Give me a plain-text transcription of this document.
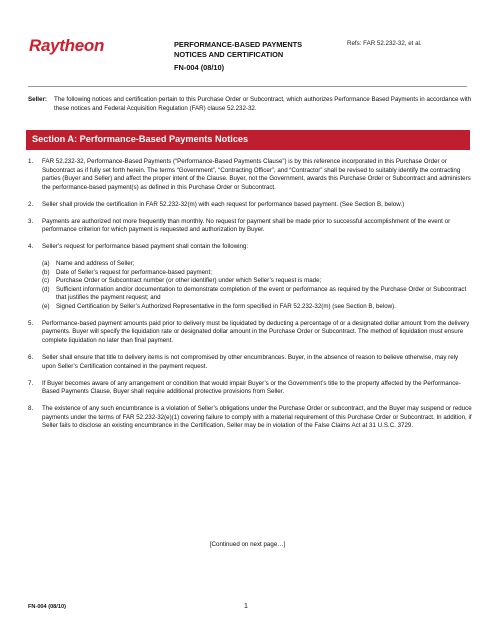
Raytheon	PERFORMANCE-BASED PAYMENTS
NOTICES AND CERTIFICATION
FN-004 (08/10)
Refs: FAR 52.232-32, et al.
Seller: The following notices and certification pertain to this Purchase Order or Subcontract, which authorizes Performance Based Payments in accordance with these notices and Federal Acquisition Regulation (FAR) clause 52.232-32.
Section A: Performance-Based Payments Notices
1. FAR 52.232-32, Performance-Based Payments (“Performance-Based Payments Clause”) is by this reference incorporated in this Purchase Order or Subcontract as if fully set forth herein. The terms “Government”, “Contracting Officer”, and “Contractor” shall be revised to suitably identify the contracting parties (Buyer and Seller) and affect the proper intent of the Clause. Buyer, not the Government, awards this Purchase Order or Subcontract and administers the performance-based payment(s) as defined in this Purchase Order or Subcontract.
2. Seller shall provide the certification in FAR 52.232-32(m) with each request for performance based payment. (See Section B, below.)
3. Payments are authorized not more frequently than monthly. No request for payment shall be made prior to successful accomplishment of the event or performance criterion for which payment is requested and authorization by Buyer.
4. Seller’s request for performance based payment shall contain the following:
(a) Name and address of Seller;
(b) Date of Seller’s request for performance-based payment;
(c) Purchase Order or Subcontract number (or other identifier) under which Seller’s request is made;
(d) Sufficient information and/or documentation to demonstrate completion of the event or performance as required by the Purchase Order or Subcontract that justifies the payment request; and
(e) Signed Certification by Seller’s Authorized Representative in the form specified in FAR 52.232-32(m) (see Section B, below).
5. Performance-based payment amounts paid prior to delivery must be liquidated by deducting a percentage of or a designated dollar amount from the delivery payments. Buyer will specify the liquidation rate or designated dollar amount in the Purchase Order or Subcontract. The method of liquidation must ensure complete liquidation no later than final payment.
6. Seller shall ensure that title to delivery items is not compromised by other encumbrances. Buyer, in the absence of reason to believe otherwise, may rely upon Seller’s Certification contained in the payment request.
7. If Buyer becomes aware of any arrangement or condition that would impair Buyer’s or the Government’s title to the property affected by the Performance-Based Payments Clause, Buyer shall require additional protective provisions from Seller.
8. The existence of any such encumbrance is a violation of Seller’s obligations under the Purchase Order or subcontract, and the Buyer may suspend or reduce payments under the terms of FAR 52.232-32(e)(1) covering failure to comply with a material requirement of this Purchase Order or Subcontract. In addition, if Seller fails to disclose an existing encumbrance in the Certification, Seller may be in violation of the False Claims Act at 31 U.S.C. 3729.
[Continued on next page…]
FN-004 (08/10)	1
